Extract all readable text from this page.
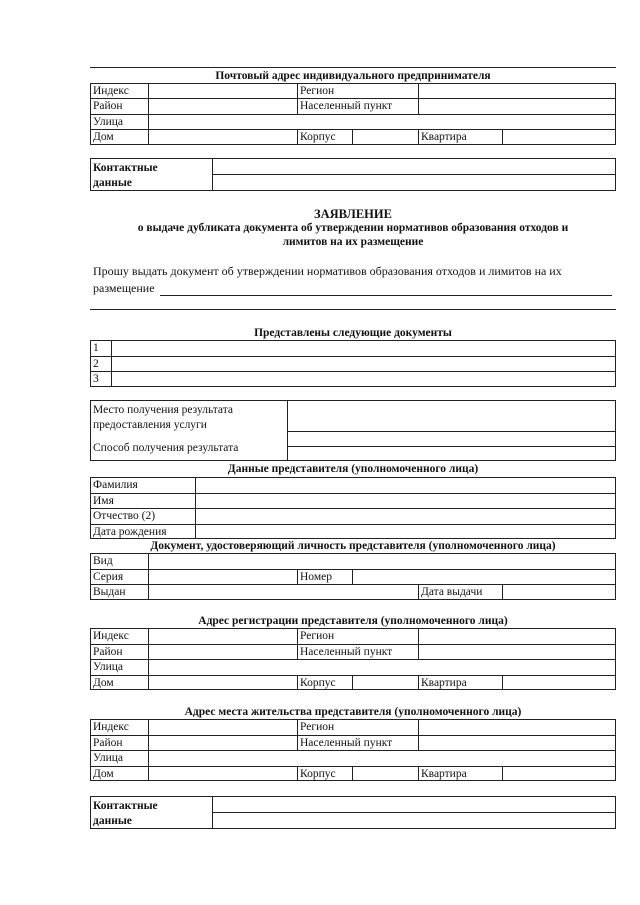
Почтовый адрес индивидуального предпринимателя
Индекс	Регион
Район	Населенный пункт
Улица
Дом	Корпус	Квартира
Контактные
данные
ЗАЯВЛЕНИЕ
о выдаче дубликата документа об утверждении нормативов образования отходов и
лимитов на их размещение
Прошу выдать документ об утверждении нормативов образования отходов и лимитов на их
размещение
Представлены следующие документы
1
2
3
Место получения результата
предоставления услуги
Способ получения результата
Данные представителя (уполномоченного лица)
Фамилия
Имя
Отчество (2)
Дата рождения
Документ, удостоверяющий личность представителя (уполномоченного лица)
Вид
Серия	Номер
Выдан	Дата выдачи
Адрес регистрации представителя (уполномоченного лица)
Индекс	Регион
Район	Населенный пункт
Улица
Дом	Корпус	Квартира
Адрес места жительства представителя (уполномоченного лица)
Индекс	Регион
Район	Населенный пункт
Улица
Дом	Корпус	Квартира
Контактные
данные
